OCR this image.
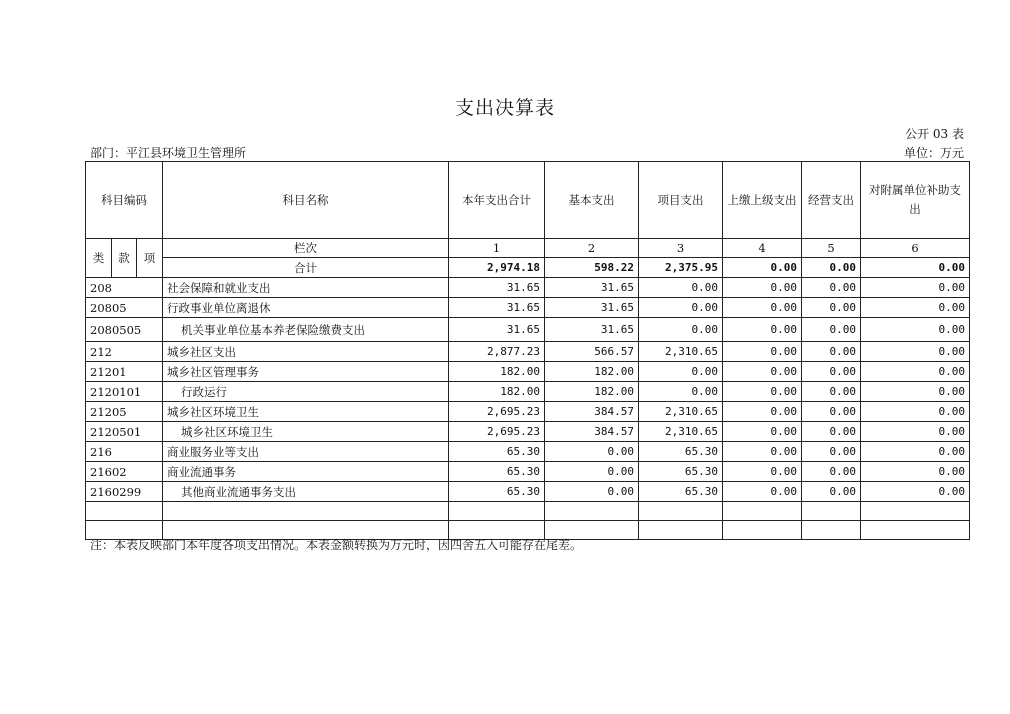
支出决算表
公开 03 表
部门：平江县环境卫生管理所	单位：万元
科目编码			科目名称	本年支出合计	基本支出	项目支出	上缴上级支出	经营支出	对附属单位补助支出
类	款	项	栏次	1	2	3	4	5	6
			合计	2,974.18	598.22	2,375.95	0.00	0.00	0.00
208			社会保障和就业支出	31.65	31.65	0.00	0.00	0.00	0.00
20805			行政事业单位离退休	31.65	31.65	0.00	0.00	0.00	0.00
2080505			机关事业单位基本养老保险缴费支出	31.65	31.65	0.00	0.00	0.00	0.00
212			城乡社区支出	2,877.23	566.57	2,310.65	0.00	0.00	0.00
21201			城乡社区管理事务	182.00	182.00	0.00	0.00	0.00	0.00
2120101			行政运行	182.00	182.00	0.00	0.00	0.00	0.00
21205			城乡社区环境卫生	2,695.23	384.57	2,310.65	0.00	0.00	0.00
2120501			城乡社区环境卫生	2,695.23	384.57	2,310.65	0.00	0.00	0.00
216			商业服务业等支出	65.30	0.00	65.30	0.00	0.00	0.00
21602			商业流通事务	65.30	0.00	65.30	0.00	0.00	0.00
2160299			其他商业流通事务支出	65.30	0.00	65.30	0.00	0.00	0.00

注：本表反映部门本年度各项支出情况。本表金额转换为万元时，因四舍五入可能存在尾差。
